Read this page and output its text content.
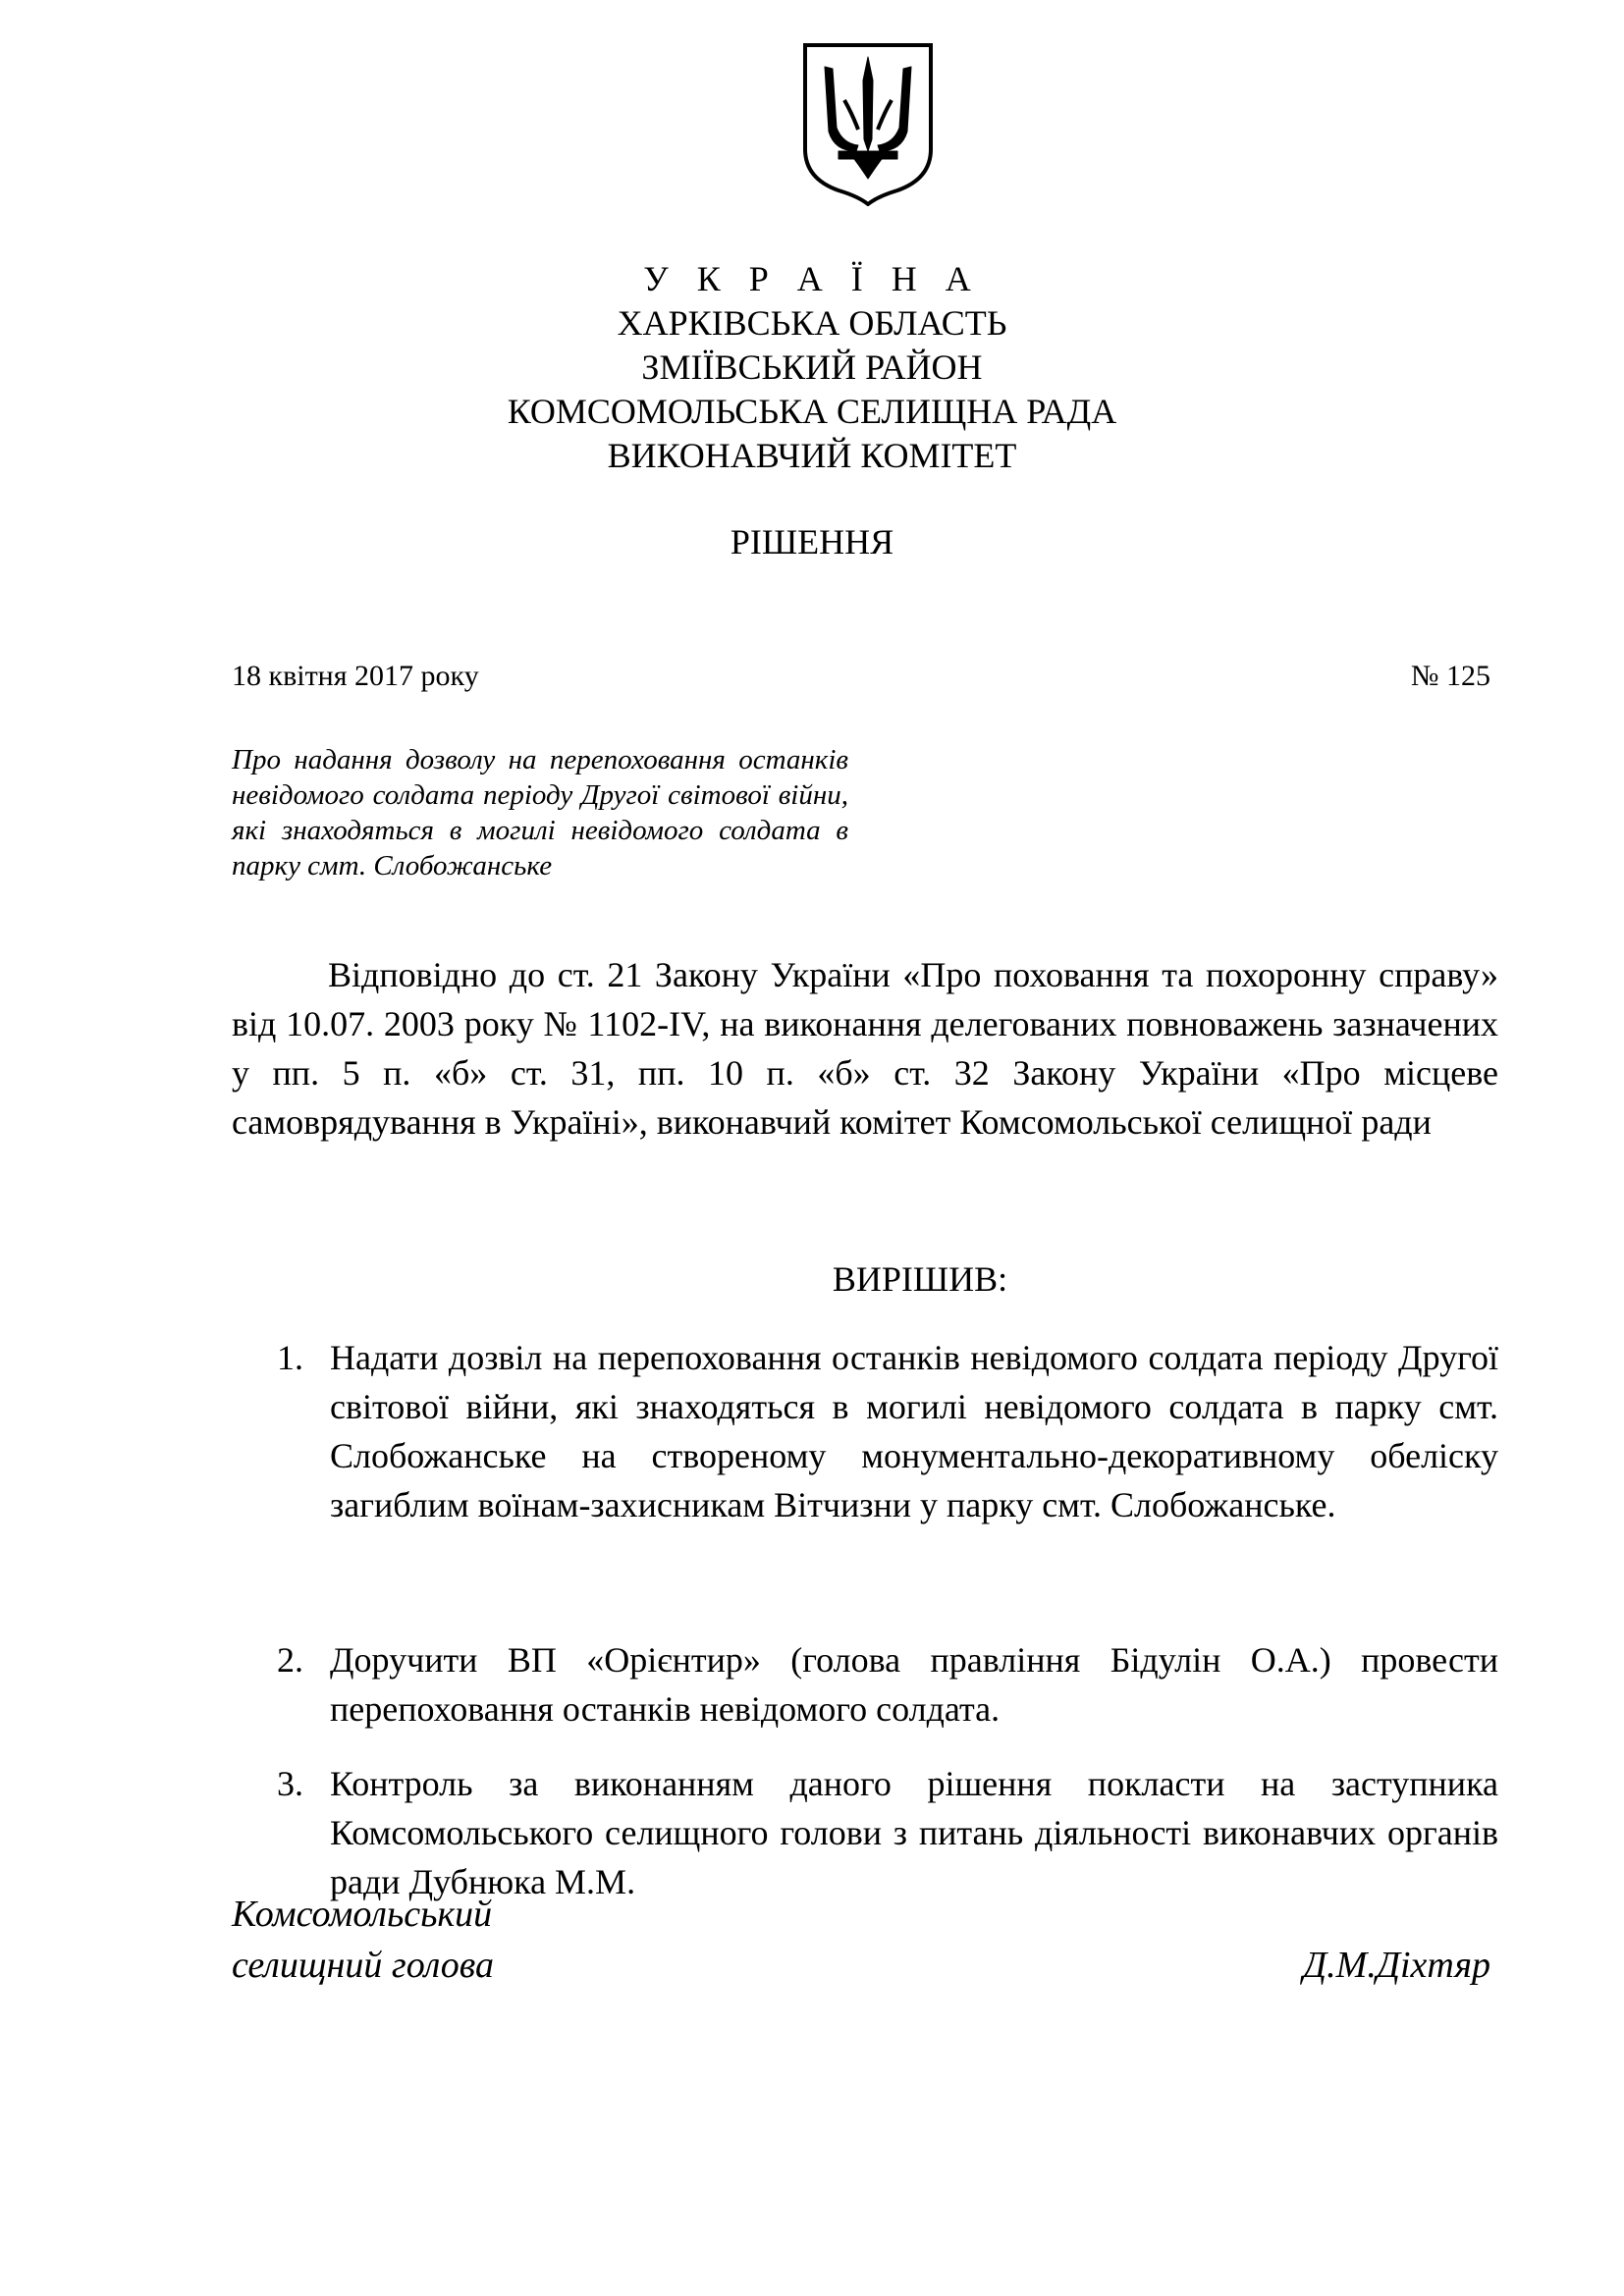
У К Р А Ї Н А
ХАРКІВСЬКА ОБЛАСТЬ
ЗМІЇВСЬКИЙ РАЙОН
КОМСОМОЛЬСЬКА СЕЛИЩНА РАДА
ВИКОНАВЧИЙ КОМІТЕТ
РІШЕННЯ
18 квітня 2017 року	№ 125
Про надання дозволу на перепоховання останків невідомого солдата періоду Другої світової війни, які знаходяться в могилі невідомого солдата в парку смт. Слобожанське
Відповідно до ст. 21 Закону України «Про поховання та похоронну справу» від 10.07. 2003 року № 1102-IV, на виконання делегованих повноважень зазначених у пп. 5 п. «б» ст. 31, пп. 10 п. «б» ст. 32 Закону України «Про місцеве самоврядування в Україні», виконавчий комітет Комсомольської селищної ради
ВИРІШИВ:
1. Надати дозвіл на перепоховання останків невідомого солдата періоду Другої світової війни, які знаходяться в могилі невідомого солдата в парку смт. Слобожанське на створеному монументально-декоративному обеліску загиблим воїнам-захисникам Вітчизни у парку смт. Слобожанське.
2. Доручити ВП «Орієнтир» (голова правління Бідулін О.А.) провести перепоховання останків невідомого солдата.
3. Контроль за виконанням даного рішення покласти на заступника Комсомольського селищного голови з питань діяльності виконавчих органів ради Дубнюка М.М.
Комсомольський
селищний голова	Д.М.Діхтяр
